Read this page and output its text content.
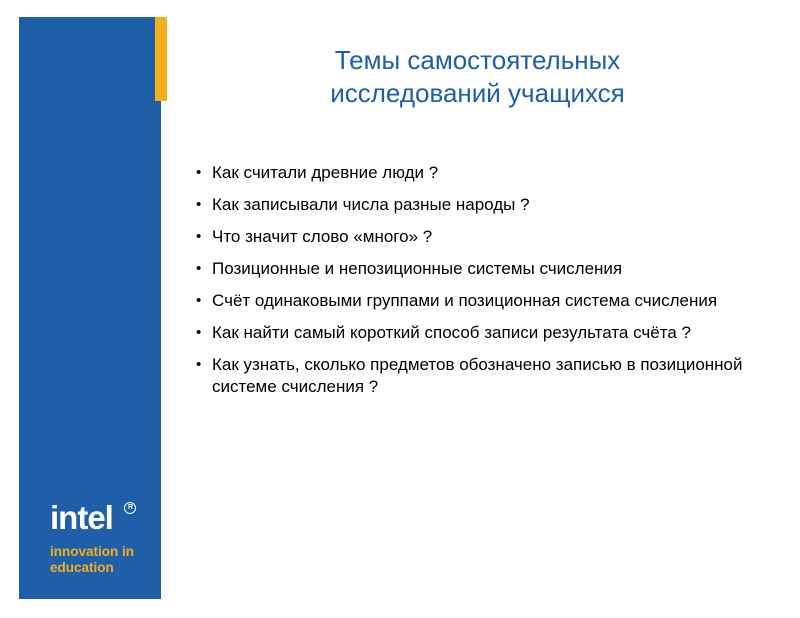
intel	R
innovation in
education
Темы самостоятельных
исследований учащихся
• Как считали древние люди ?
• Как записывали числа разные народы ?
• Что значит слово «много» ?
• Позиционные и непозиционные системы счисления
• Счёт одинаковыми группами и позиционная система счисления
• Как найти самый короткий способ записи результата счёта ?
• Как узнать, сколько предметов обозначено записью в позиционной системе счисления ?
